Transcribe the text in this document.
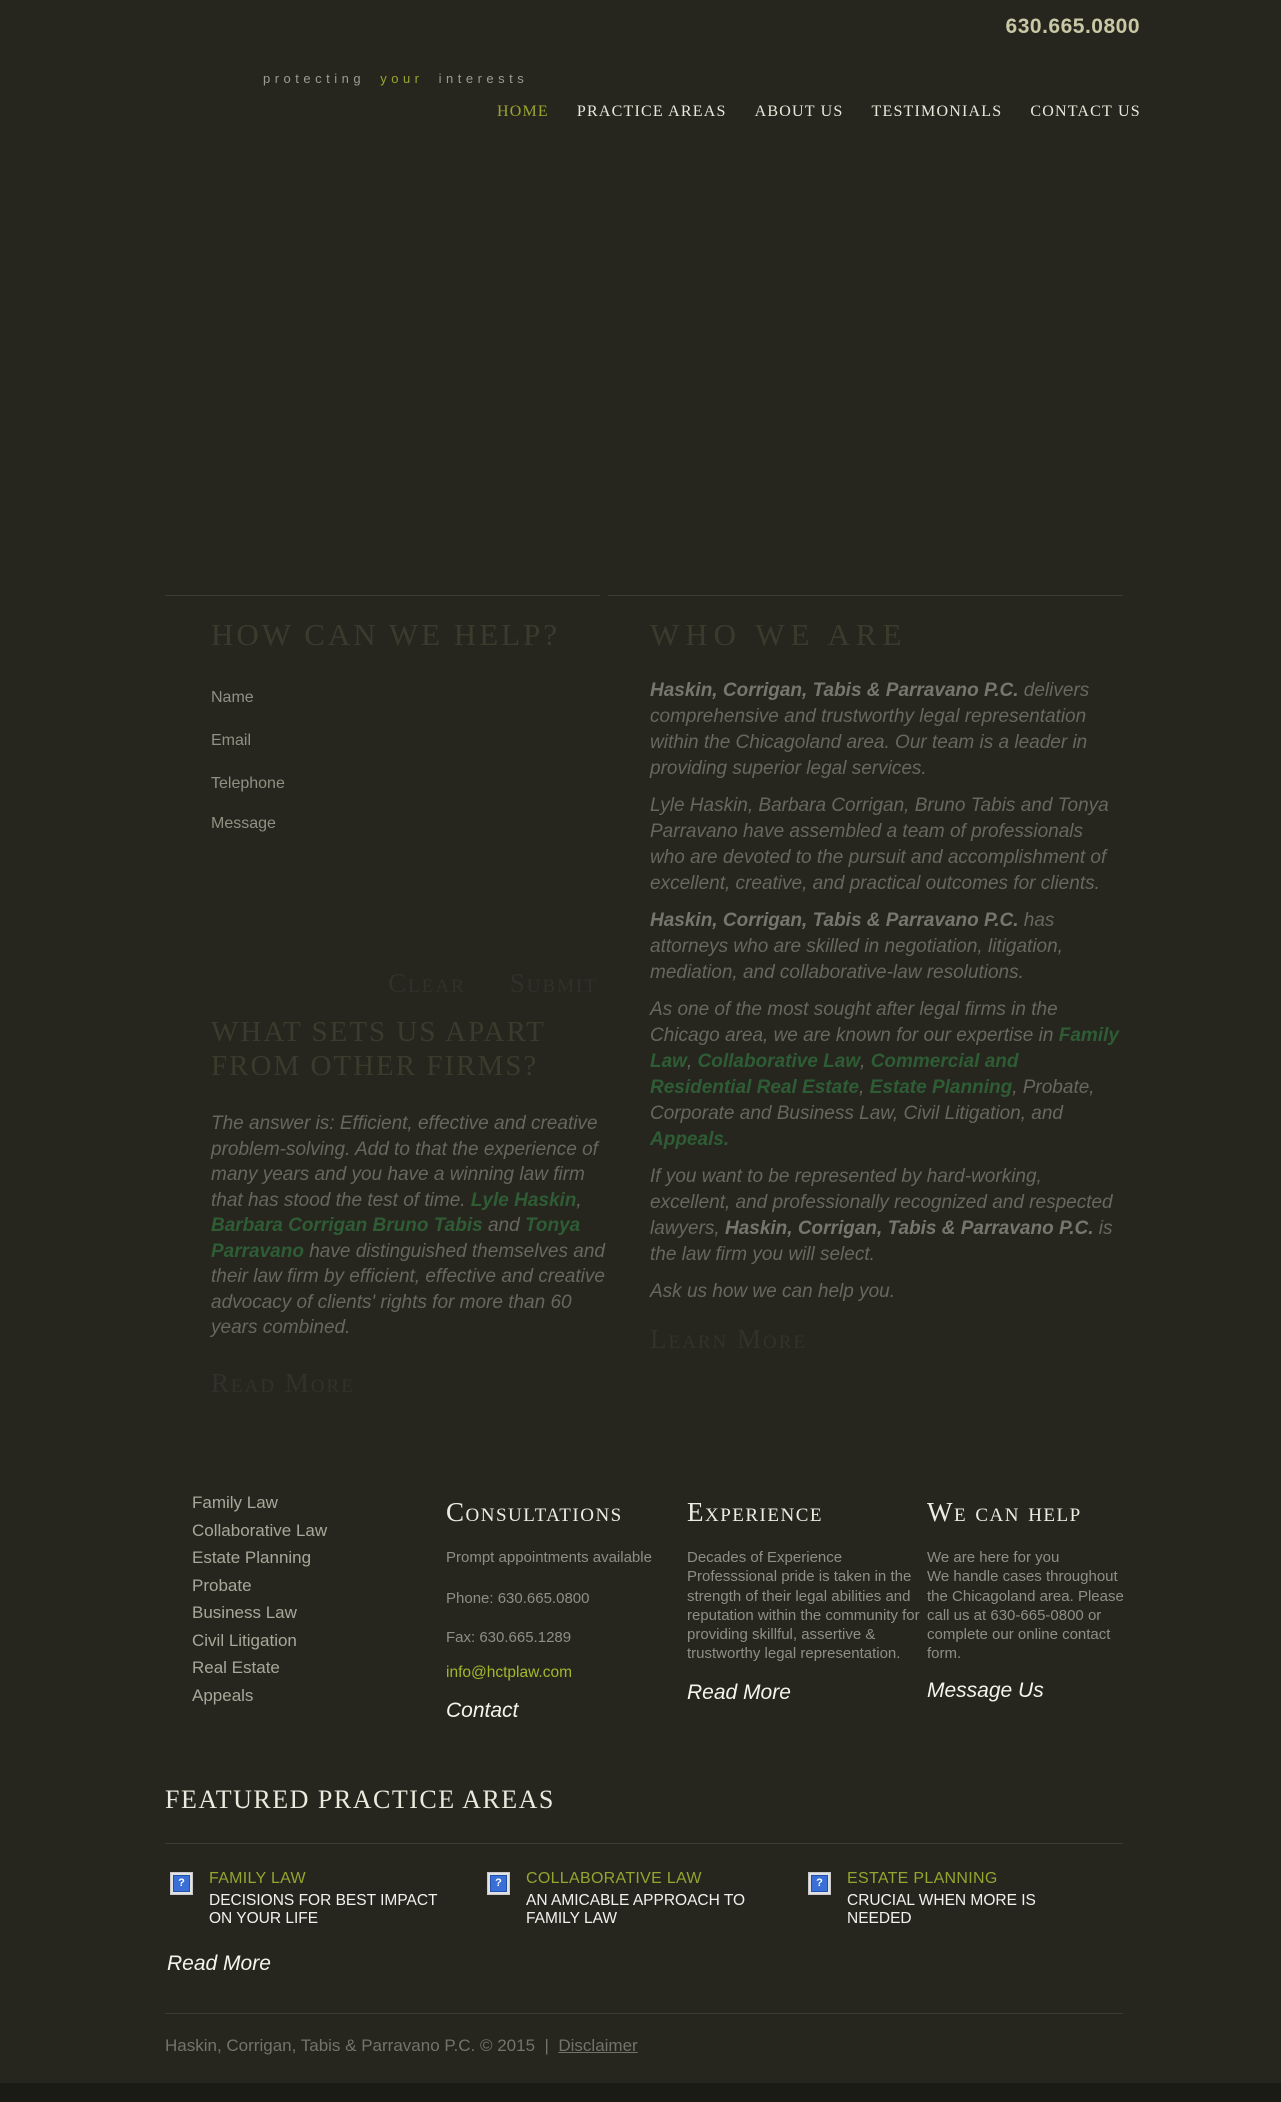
630.665.0800
protecting your interests
HOME PRACTICE AREAS ABOUT US TESTIMONIALS CONTACT US
HOW CAN WE HELP?
Name
Email
Telephone
Message
Clear Submit
WHAT SETS US APART FROM OTHER FIRMS?

The answer is: Efficient, effective and creative problem-solving. Add to that the experience of many years and you have a winning law firm that has stood the test of time. Lyle Haskin, Barbara Corrigan Bruno Tabis and Tonya Parravano have distinguished themselves and their law firm by efficient, effective and creative advocacy of clients' rights for more than 60 years combined.

Read More
WHO WE ARE

Haskin, Corrigan, Tabis & Parravano P.C. delivers comprehensive and trustworthy legal representation within the Chicagoland area. Our team is a leader in providing superior legal services.

Lyle Haskin, Barbara Corrigan, Bruno Tabis and Tonya Parravano have assembled a team of professionals who are devoted to the pursuit and accomplishment of excellent, creative, and practical outcomes for clients.

Haskin, Corrigan, Tabis & Parravano P.C. has attorneys who are skilled in negotiation, litigation, mediation, and collaborative-law resolutions.

As one of the most sought after legal firms in the Chicago area, we are known for our expertise in Family Law, Collaborative Law, Commercial and Residential Real Estate, Estate Planning, Probate, Corporate and Business Law, Civil Litigation, and Appeals.

If you want to be represented by hard-working, excellent, and professionally recognized and respected lawyers, Haskin, Corrigan, Tabis & Parravano P.C. is the law firm you will select.

Ask us how we can help you.

Learn More
Family Law
Collaborative Law
Estate Planning
Probate
Business Law
Civil Litigation
Real Estate
Appeals
Consultations
Prompt appointments available
Phone: 630.665.0800
Fax: 630.665.1289
info@hctplaw.com
Contact
Experience
Decades of Experience
Professsional pride is taken in the strength of their legal abilities and reputation within the community for providing skillful, assertive & trustworthy legal representation.
Read More
We can help
We are here for you
We handle cases throughout the Chicagoland area. Please call us at 630-665-0800 or complete our online contact form.
Message Us
FEATURED PRACTICE AREAS
?	FAMILY LAW
DECISIONS FOR BEST IMPACT ON YOUR LIFE
?	COLLABORATIVE LAW
AN AMICABLE APPROACH TO FAMILY LAW
?	ESTATE PLANNING
CRUCIAL WHEN MORE IS NEEDED
Read More
Haskin, Corrigan, Tabis & Parravano P.C. © 2015 | Disclaimer
